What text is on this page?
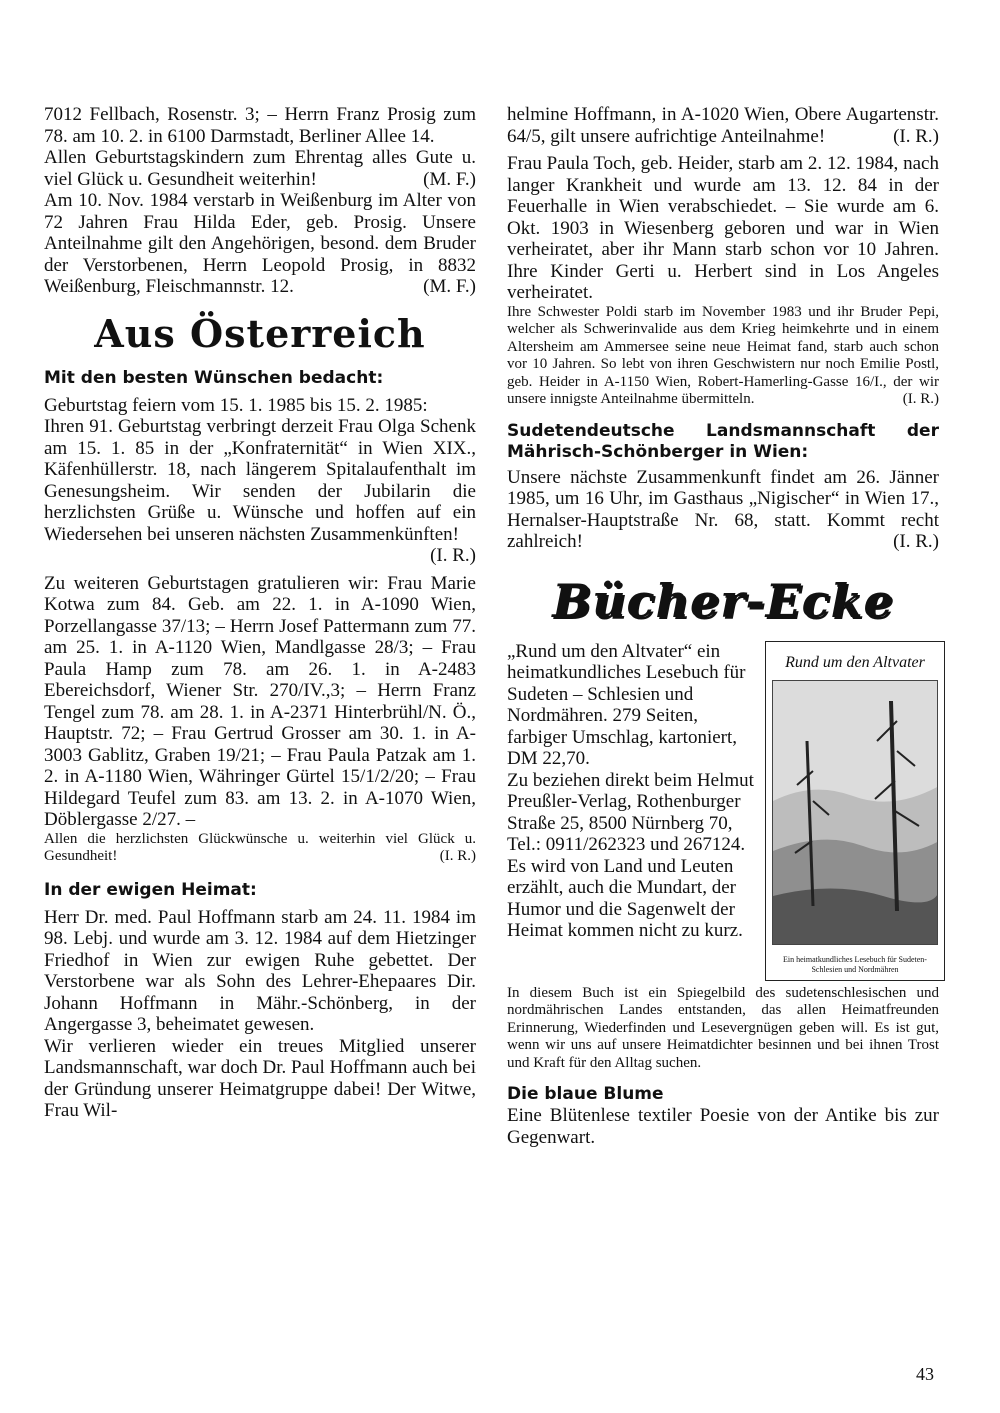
7012 Fellbach, Rosenstr. 3; – Herrn Franz Prosig zum 78. am 10. 2. in 6100 Darmstadt, Berliner Allee 14.

Allen Geburtstagskindern zum Ehrentag alles Gute u. viel Glück u. Gesundheit weiterhin!	(M. F.)

Am 10. Nov. 1984 verstarb in Weißenburg im Alter von 72 Jahren Frau Hilda Eder, geb. Prosig. Unsere Anteilnahme gilt den Angehörigen, besond. dem Bruder der Verstorbenen, Herrn Leopold Prosig, in 8832 Weißenburg, Fleischmannstr. 12.	(M. F.)

Aus Österreich
Mit den besten Wünschen bedacht:

Geburtstag feiern vom 15. 1. 1985 bis 15. 2. 1985:

Ihren 91. Geburtstag verbringt derzeit Frau Olga Schenk am 15. 1. 85 in der „Konfraternität“ in Wien XIX., Käfenhüllerstr. 18, nach längerem Spitalaufenthalt im Genesungsheim. Wir senden der Jubilarin die herzlichsten Grüße u. Wünsche und hoffen auf ein Wiedersehen bei unseren nächsten Zusammenkünften!
(I. R.)

Zu weiteren Geburtstagen gratulieren wir: Frau Marie Kotwa zum 84. Geb. am 22. 1. in A-1090 Wien, Porzellangasse 37/13; – Herrn Josef Pattermann zum 77. am 25. 1. in A-1120 Wien, Mandlgasse 28/3; – Frau Paula Hamp zum 78. am 26. 1. in A-2483 Ebereichsdorf, Wiener Str. 270/IV.,3; – Herrn Franz Tengel zum 78. am 28. 1. in A-2371 Hinterbrühl/N. Ö., Hauptstr. 72; – Frau Gertrud Grosser am 30. 1. in A-3003 Gablitz, Graben 19/21; – Frau Paula Patzak am 1. 2. in A-1180 Wien, Währinger Gürtel 15/1/2/20; – Frau Hildegard Teufel zum 83. am 13. 2. in A-1070 Wien, Döblergasse 2/27. –

Allen die herzlichsten Glückwünsche u. weiterhin viel Glück u. Gesundheit!	(I. R.)

In der ewigen Heimat:

Herr Dr. med. Paul Hoffmann starb am 24. 11. 1984 im 98. Lebj. und wurde am 3. 12. 1984 auf dem Hietzinger Friedhof in Wien zur ewigen Ruhe gebettet. Der Verstorbene war als Sohn des Lehrer-Ehepaares Dir. Johann Hoffmann in Mähr.-Schönberg, in der Angergasse 3, beheimatet gewesen.

Wir verlieren wieder ein treues Mitglied unserer Landsmannschaft, war doch Dr. Paul Hoffmann auch bei der Gründung unserer Heimatgruppe dabei! Der Witwe, Frau Wil-

helmine Hoffmann, in A-1020 Wien, Obere Augartenstr. 64/5, gilt unsere aufrichtige Anteilnahme!	(I. R.)

Frau Paula Toch, geb. Heider, starb am 2. 12. 1984, nach langer Krankheit und wurde am 13. 12. 84 in der Feuerhalle in Wien verabschiedet. – Sie wurde am 6. Okt. 1903 in Wiesenberg geboren und war in Wien verheiratet, aber ihr Mann starb schon vor 10 Jahren. Ihre Kinder Gerti u. Herbert sind in Los Angeles verheiratet.

Ihre Schwester Poldi starb im November 1983 und ihr Bruder Pepi, welcher als Schwerinvalide aus dem Krieg heimkehrte und in einem Altersheim am Ammersee seine neue Heimat fand, starb auch schon vor 10 Jahren. So lebt von ihren Geschwistern nur noch Emilie Postl, geb. Heider in A-1150 Wien, Robert-Hamerling-Gasse 16/I., der wir unsere innigste Anteilnahme übermitteln.	(I. R.)

Sudetendeutsche Landsmannschaft der
Mährisch-Schönberger in Wien:

Unsere nächste Zusammenkunft findet am 26. Jänner 1985, um 16 Uhr, im Gasthaus „Nigischer“ in Wien 17., Hernalser-Hauptstraße Nr. 68, statt. Kommt recht zahlreich!	(I. R.)

Bücher-Ecke

„Rund um den Altvater“ ein heimatkundliches Lesebuch für Sudeten – Schlesien und Nordmähren. 279 Seiten, farbiger Umschlag, kartoniert, DM 22,70.

Zu beziehen direkt beim Helmut Preußler-Verlag, Rothenburger Straße 25, 8500 Nürnberg 70, Tel.: 0911/262323 und 267124.

Es wird von Land und Leuten erzählt, auch die Mundart, der Humor und die Sagenwelt der Heimat kommen nicht zu kurz.

Rund um den Altvater
Ein heimatkundliches Lesebuch für Sudeten-Schlesien und Nordmähren

In diesem Buch ist ein Spiegelbild des sudetenschlesischen und nordmährischen Landes entstanden, das allen Heimatfreunden Erinnerung, Wiederfinden und Lesevergnügen geben will. Es ist gut, wenn wir uns auf unsere Heimatdichter besinnen und bei ihnen Trost und Kraft für den Alltag suchen.

Die blaue Blume

Eine Blütenlese textiler Poesie von der Antike bis zur Gegenwart.

43
